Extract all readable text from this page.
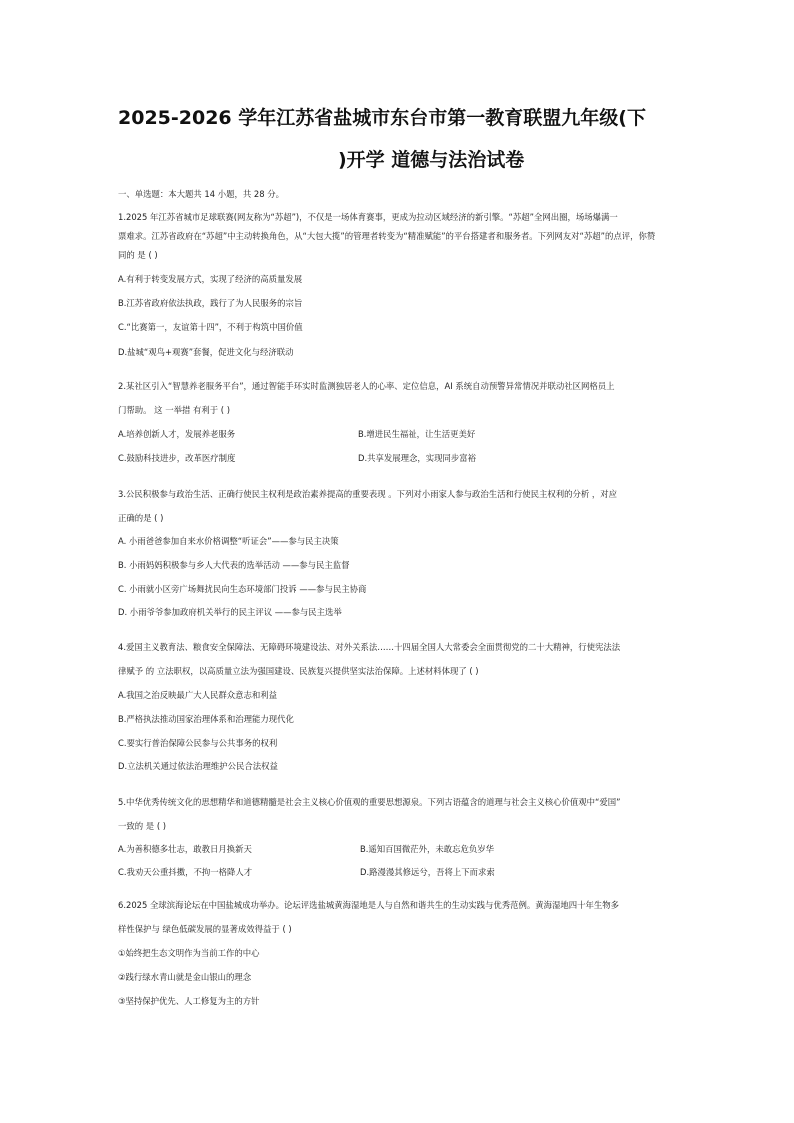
2025-2026 学年江苏省盐城市东台市第一教育联盟九年级(下
)开学 道德与法治试卷
一、单选题：本大题共 14 小题，共 28 分。
1.2025 年江苏省城市足球联赛(网友称为“苏超”)，不仅是一场体育赛事，更成为拉动区域经济的新引擎。“苏超”全网出圈，场场爆满一
票难求。江苏省政府在“苏超”中主动转换角色，从“大包大揽”的管理者转变为“精准赋能”的平台搭建者和服务者。下列网友对“苏超”的点评，你赞
同的 是 ( )
A.有利于转变发展方式，实现了经济的高质量发展
B.江苏省政府依法执政，践行了为人民服务的宗旨
C.“比赛第一，友谊第十四”，不利于构筑中国价值
D.盐城“观鸟+观赛”套餐，促进文化与经济联动
2.某社区引入“智慧养老服务平台”，通过智能手环实时监测独居老人的心率、定位信息，AI 系统自动预警异常情况并联动社区网格员上
门帮助。 这 一举措 有利于 ( )
A.培养创新人才，发展养老服务	B.增进民生福祉，让生活更美好
C.鼓励科技进步，改革医疗制度	D.共享发展理念，实现同步富裕
3.公民积极参与政治生活、正确行使民主权利是政治素养提高的重要表现 。下列对小雨家人参与政治生活和行使民主权利的分析 ，对应
正确的是 ( )
A. 小雨爸爸参加自来水价格调整“听证会”——参与民主决策
B. 小雨妈妈积极参与乡人大代表的选举活动 ——参与民主监督
C. 小雨就小区旁广场舞扰民向生态环境部门投诉 ——参与民主协商
D. 小雨爷爷参加政府机关举行的民主评议 ——参与民主选举
4.爱国主义教育法、粮食安全保障法、无障碍环境建设法、对外关系法……十四届全国人大常委会全面贯彻党的二十大精神，行使宪法法
律赋予 的 立法职权，以高质量立法为强国建设、民族复兴提供坚实法治保障。上述材料体现了 ( )
A.我国之治反映最广大人民群众意志和利益
B.严格执法推动国家治理体系和治理能力现代化
C.要实行普治保障公民参与公共事务的权利
D.立法机关通过依法治理维护公民合法权益
5.中华优秀传统文化的思想精华和道德精髓是社会主义核心价值观的重要思想源泉。下列古语蕴含的道理与社会主义核心价值观中“爱国”
一致的 是 ( )
A.为善积德多壮志，敢教日月换新天	B.遥知百国微茫外，未敢忘危负岁华
C.我劝天公重抖擞，不拘一格降人才	D.路漫漫其修远兮，吾将上下而求索
6.2025 全球滨海论坛在中国盐城成功举办。论坛评选盐城黄海湿地是人与自然和谐共生的生动实践与优秀范例。黄海湿地四十年生物多
样性保护与 绿色低碳发展的显著成效得益于 ( )
①始终把生态文明作为当前工作的中心
②践行绿水青山就是金山银山的理念
③坚持保护优先、人工修复为主的方针
